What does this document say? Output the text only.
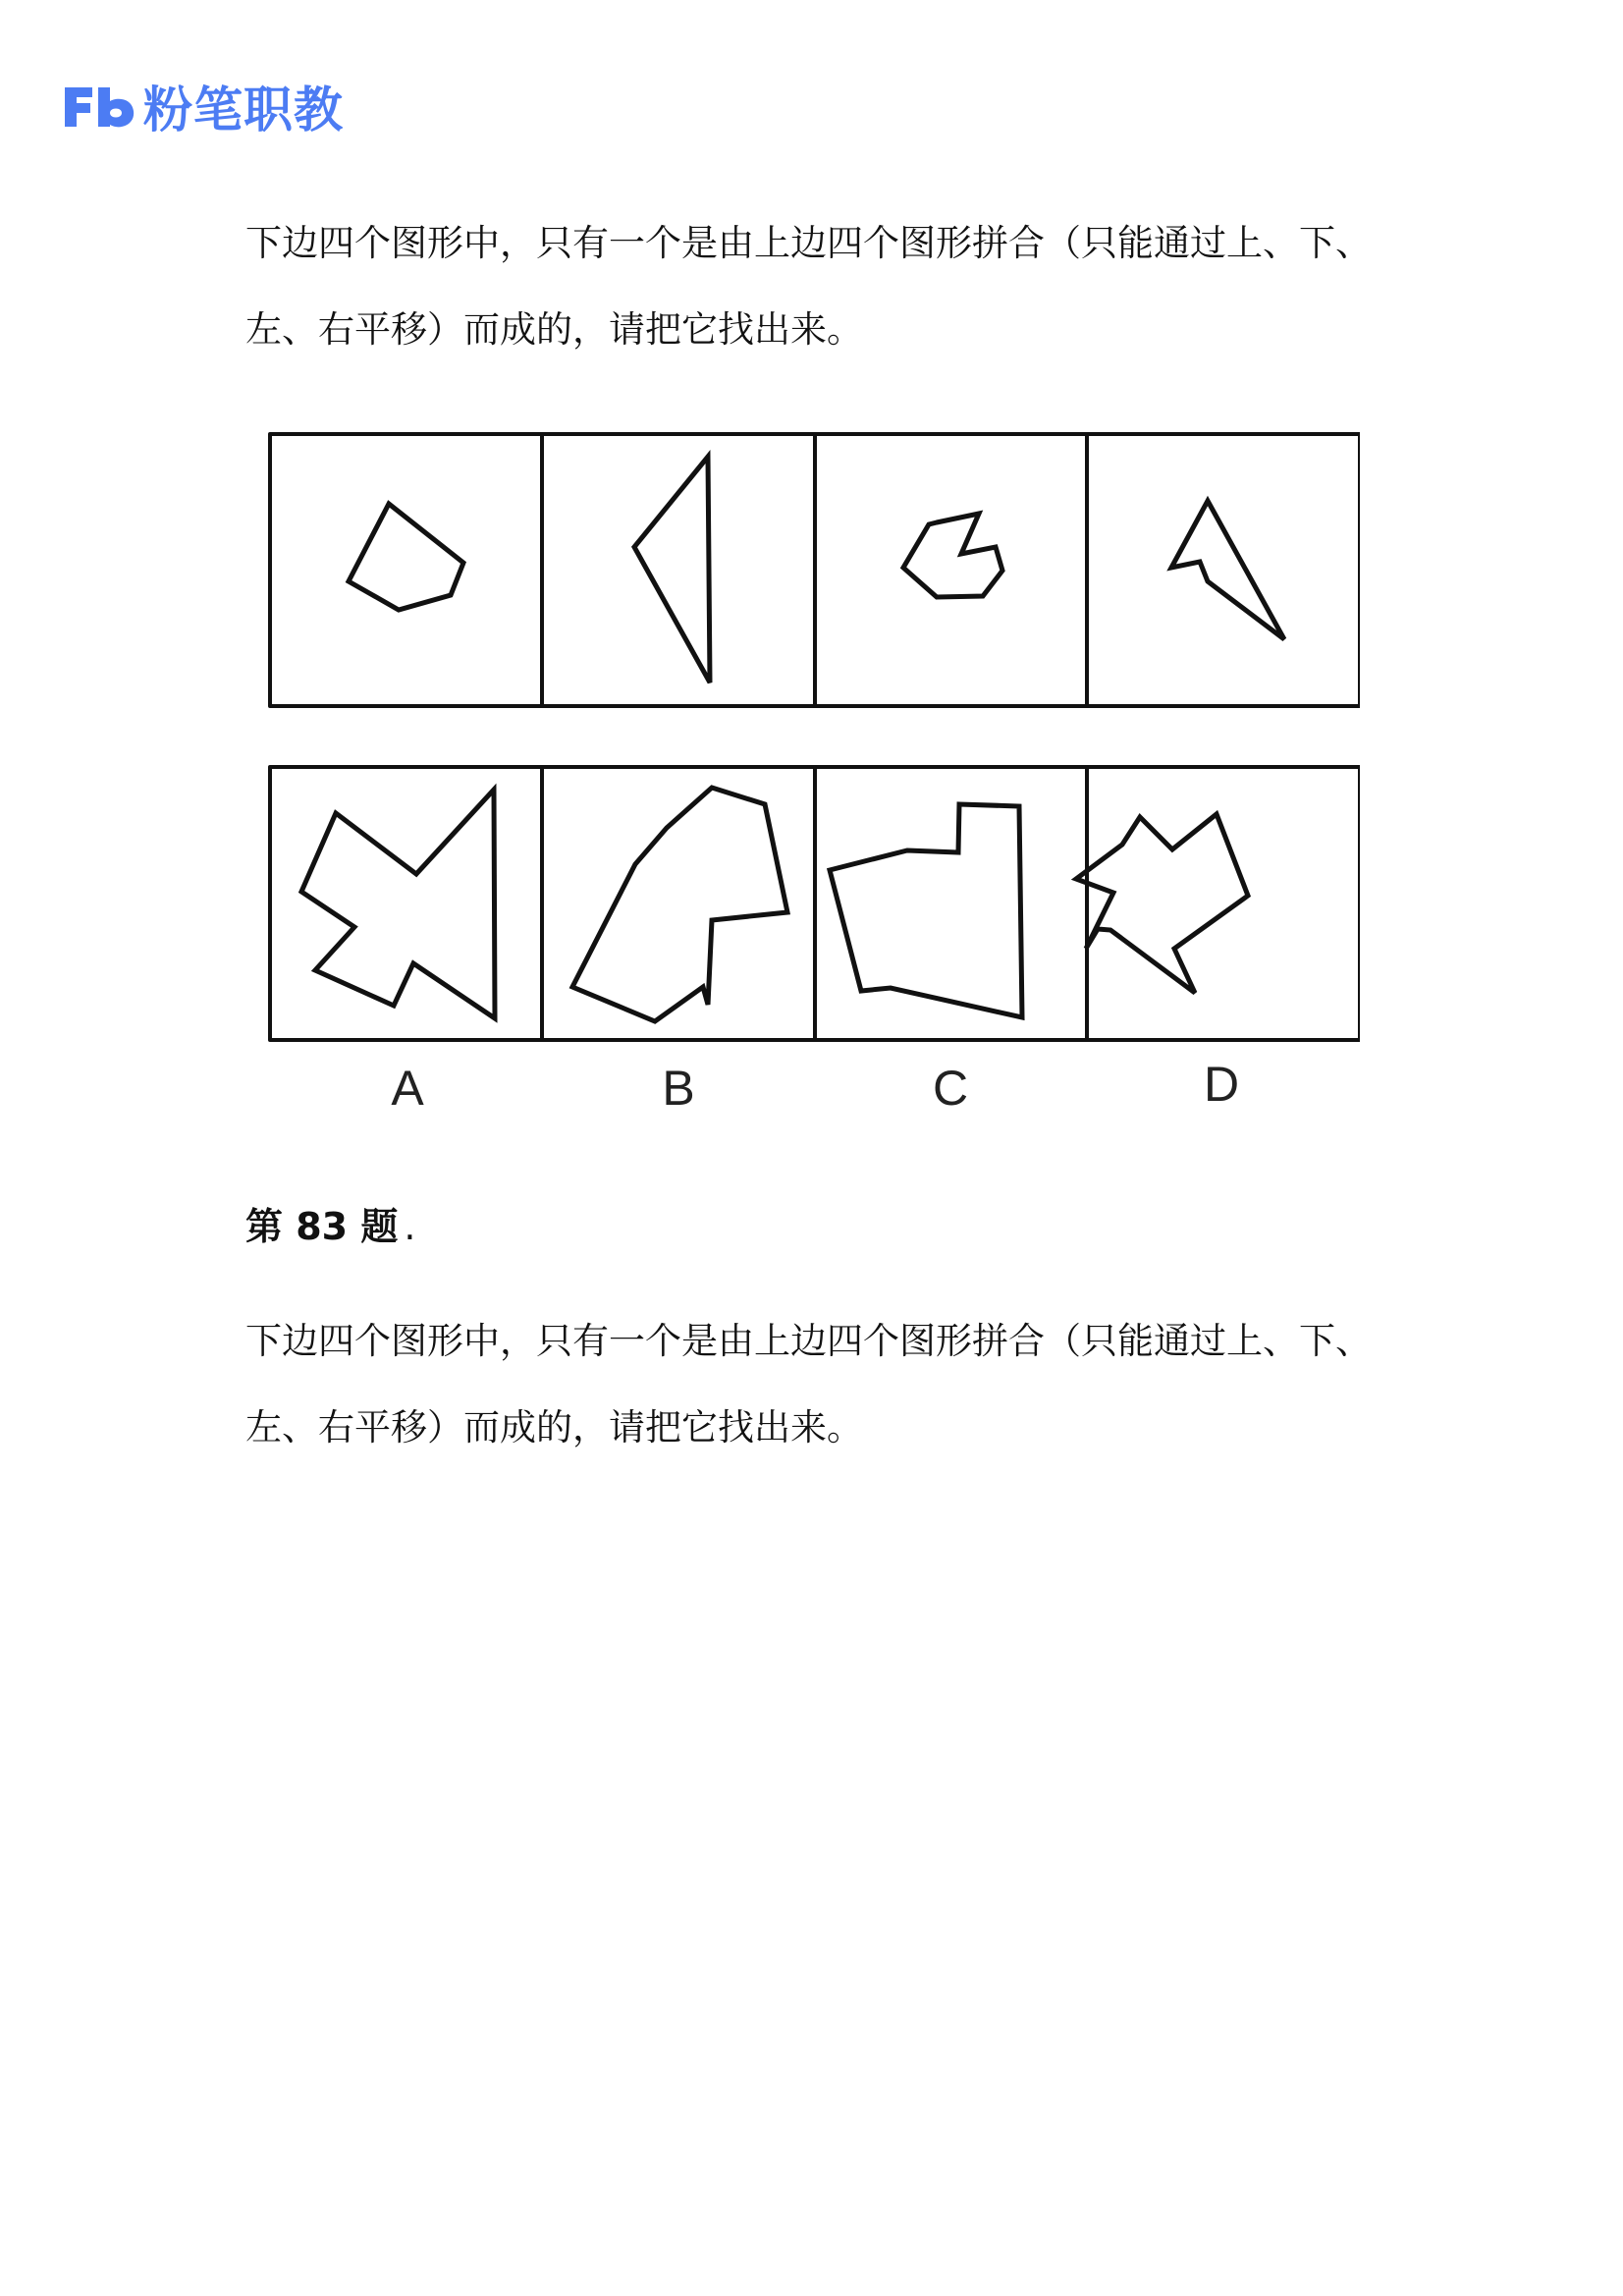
粉笔职教
下边四个图形中，只有一个是由上边四个图形拼合（只能通过上、下、
左、右平移）而成的，请把它找出来。
A	B	C	D
第 83 题 .
下边四个图形中，只有一个是由上边四个图形拼合（只能通过上、下、
左、右平移）而成的，请把它找出来。
